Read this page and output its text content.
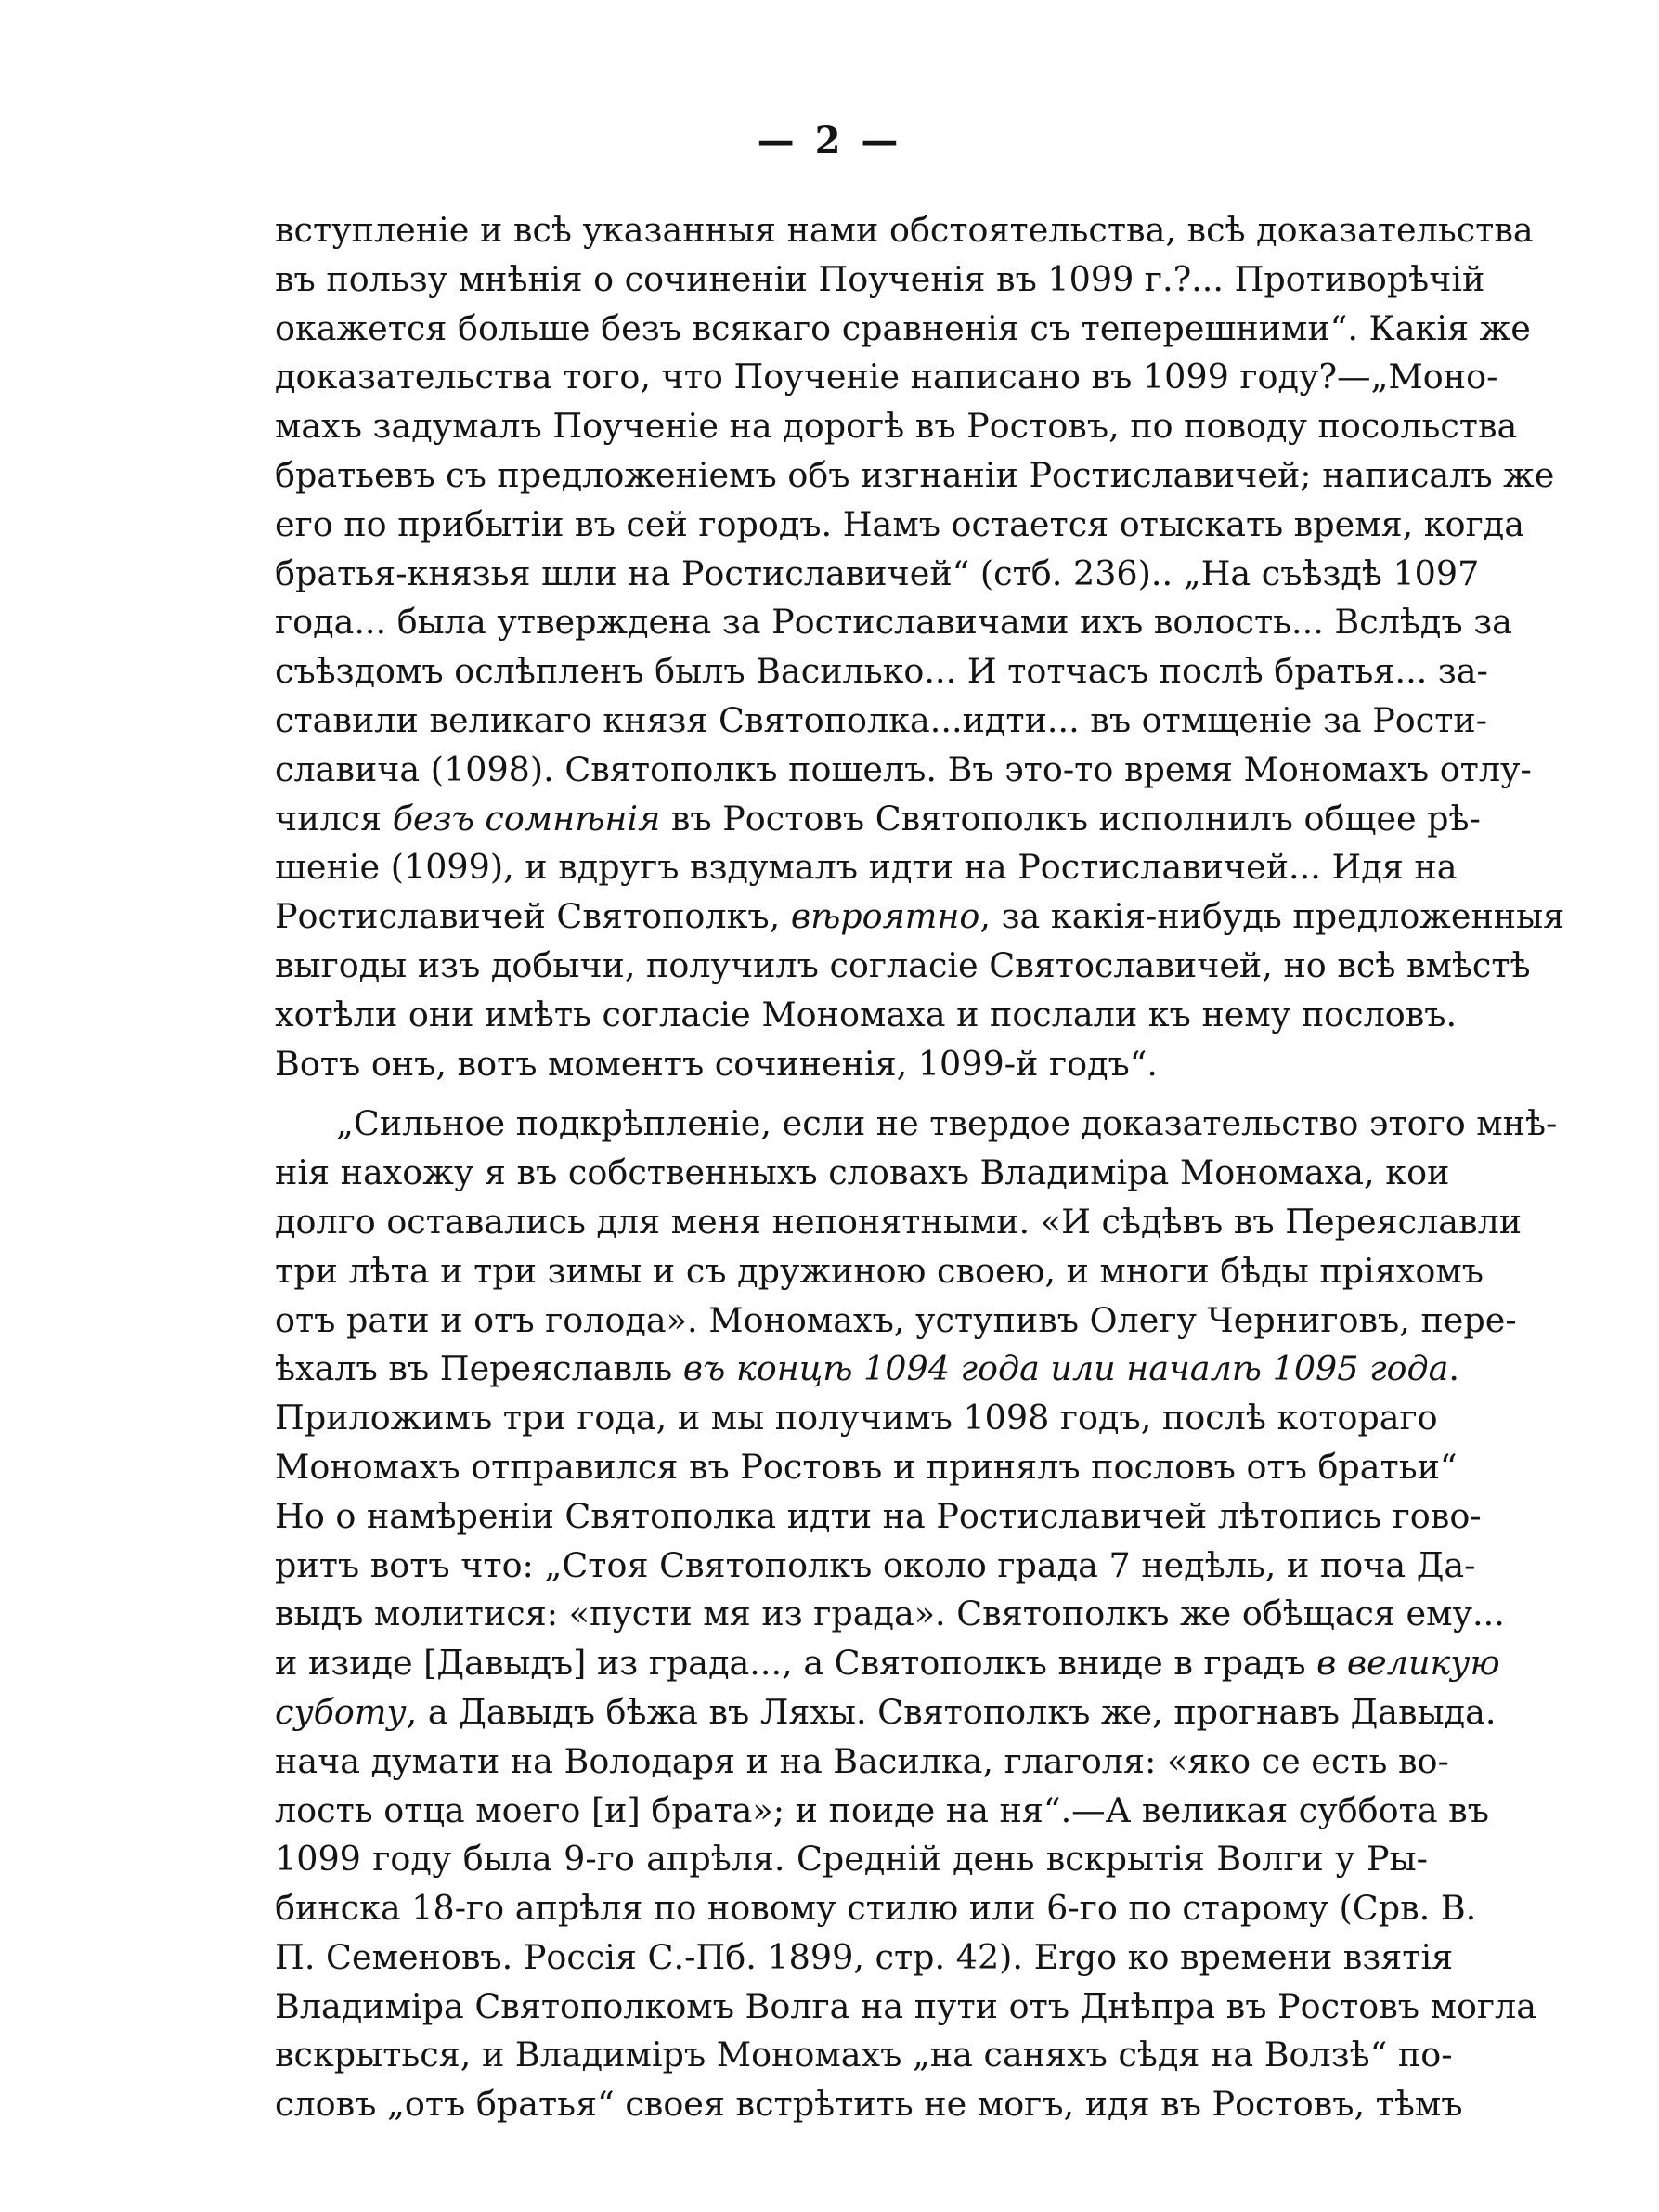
— 2 —
вступленіе и всѣ указанныя нами обстоятельства, всѣ доказательства
въ пользу мнѣнія о сочиненіи Поученія въ 1099 г.?... Противорѣчій
окажется больше безъ всякаго сравненія съ теперешними“. Какія же
доказательства того, что Поученіе написано въ 1099 году?—„Моно-
махъ задумалъ Поученіе на дорогѣ въ Ростовъ, по поводу посольства
братьевъ съ предложеніемъ объ изгнаніи Ростиславичей; написалъ же
его по прибытіи въ сей городъ. Намъ остается отыскать время, когда
братья-князья шли на Ростиславичей“ (стб. 236).. „На съѣздѣ 1097
года... была утверждена за Ростиславичами ихъ волость... Вслѣдъ за
съѣздомъ ослѣпленъ былъ Василько... И тотчасъ послѣ братья... за-
ставили великаго князя Святополка...идти... въ отмщеніе за Рости-
славича (1098). Святополкъ пошелъ. Въ это-то время Мономахъ отлу-
чился безъ сомнѣнія въ Ростовъ Святополкъ исполнилъ общее рѣ-
шеніе (1099), и вдругъ вздумалъ идти на Ростиславичей... Идя на
Ростиславичей Святополкъ, вѣроятно, за какія-нибудь предложенныя
выгоды изъ добычи, получилъ согласіе Святославичей, но всѣ вмѣстѣ
хотѣли они имѣть согласіе Мономаха и послали къ нему пословъ.
Вотъ онъ, вотъ моментъ сочиненія, 1099-й годъ“.
„Сильное подкрѣпленіе, если не твердое доказательство этого мнѣ-
нія нахожу я въ собственныхъ словахъ Владиміра Мономаха, кои
долго оставались для меня непонятными. «И сѣдѣвъ въ Переяславли
три лѣта и три зимы и съ дружиною своею, и многи бѣды пріяхомъ
отъ рати и отъ голода». Мономахъ, уступивъ Олегу Черниговъ, пере-
ѣхалъ въ Переяславль въ концѣ 1094 года или началѣ 1095 года.
Приложимъ три года, и мы получимъ 1098 годъ, послѣ котораго
Мономахъ отправился въ Ростовъ и принялъ пословъ отъ братьи“
Но о намѣреніи Святополка идти на Ростиславичей лѣтопись гово-
ритъ вотъ что: „Стоя Святополкъ около града 7 недѣль, и поча Да-
выдъ молитися: «пусти мя из града». Святополкъ же обѣщася ему...
и изиде [Давыдъ] из града..., а Святополкъ вниде в градъ в великую
суботу, а Давыдъ бѣжа въ Ляхы. Святополкъ же, прогнавъ Давыда.
нача думати на Володаря и на Василка, глаголя: «яко се есть во-
лость отца моего [и] брата»; и поиде на ня“.—А великая суббота въ
1099 году была 9-го апрѣля. Средній день вскрытія Волги у Ры-
бинска 18-го апрѣля по новому стилю или 6-го по старому (Срв. В.
П. Семеновъ. Россія С.-Пб. 1899, стр. 42). Ergo ко времени взятія
Владиміра Святополкомъ Волга на пути отъ Днѣпра въ Ростовъ могла
вскрыться, и Владиміръ Мономахъ „на саняхъ сѣдя на Волзѣ“ по-
словъ „отъ братья“ своея встрѣтить не могъ, идя въ Ростовъ, тѣмъ
